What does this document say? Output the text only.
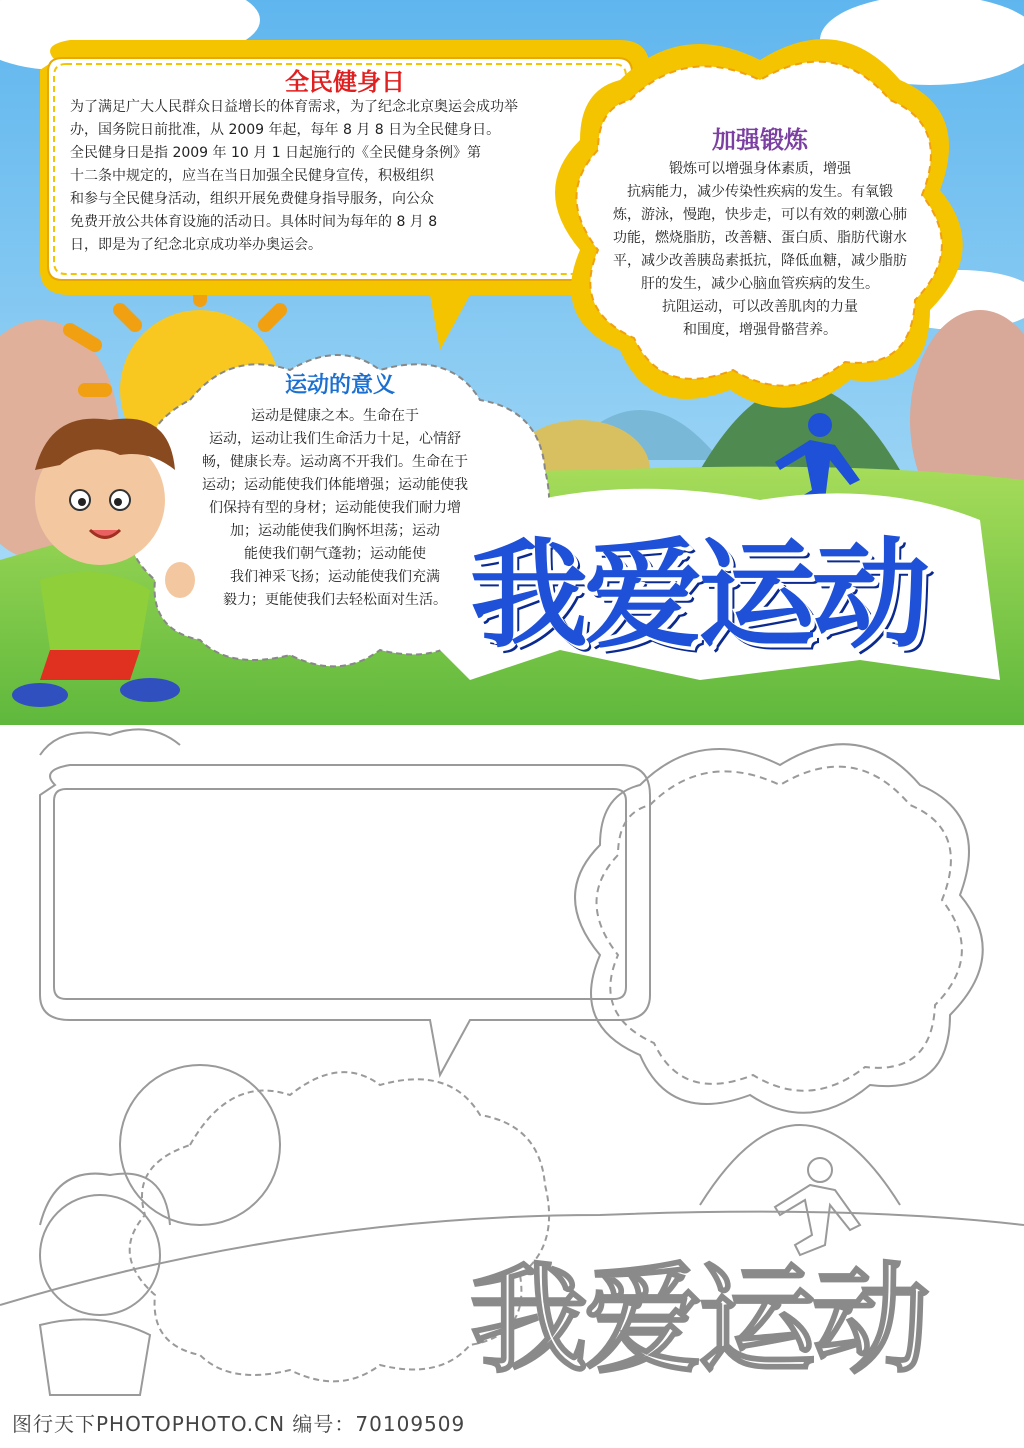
全民健身日
为了满足广大人民群众日益增长的体育需求，为了纪念北京奥运会成功举
办，国务院日前批准，从 2009 年起，每年 8 月 8 日为全民健身日。
全民健身日是指 2009 年 10 月 1 日起施行的《全民健身条例》第
十二条中规定的，应当在当日加强全民健身宣传，积极组织
和参与全民健身活动，组织开展免费健身指导服务，向公众
免费开放公共体育设施的活动日。具体时间为每年的 8 月 8
日，即是为了纪念北京成功举办奥运会。
加强锻炼
锻炼可以增强身体素质，增强
抗病能力，减少传染性疾病的发生。有氧锻
炼，游泳，慢跑，快步走，可以有效的刺激心肺
功能，燃烧脂肪，改善糖、蛋白质、脂肪代谢水
平，减少改善胰岛素抵抗，降低血糖，减少脂肪
肝的发生，减少心脑血管疾病的发生。
抗阻运动，可以改善肌肉的力量
和围度，增强骨骼营养。
运动的意义
运动是健康之本。生命在于
运动，运动让我们生命活力十足，心情舒
畅，健康长寿。运动离不开我们。生命在于
运动；运动能使我们体能增强；运动能使我
们保持有型的身材；运动能使我们耐力增
加；运动能使我们胸怀坦荡；运动
能使我们朝气蓬勃；运动能使
我们神采飞扬；运动能使我们充满
毅力；更能使我们去轻松面对生活。 我爱运动
我爱运动
图行天下PHOTOPHOTO.CN 编号：70109509
